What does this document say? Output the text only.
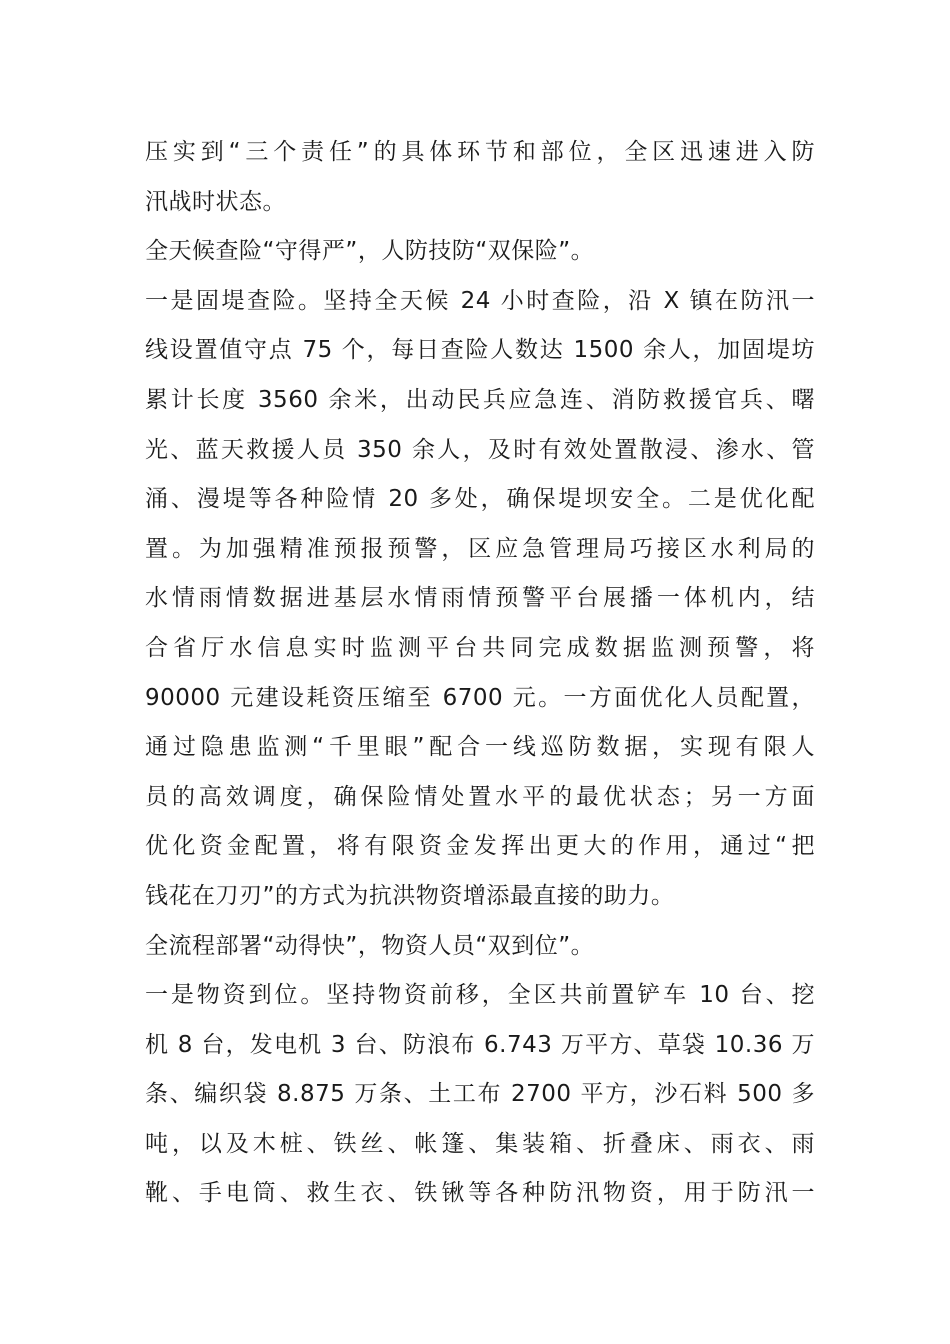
压实到“三个责任”的具体环节和部位，全区迅速进入防
汛战时状态。
全天候查险“守得严”，人防技防“双保险”。
一是固堤查险。坚持全天候 24 小时查险，沿 X 镇在防汛一
线设置值守点 75 个，每日查险人数达 1500 余人，加固堤坊
累计长度 3560 余米，出动民兵应急连、消防救援官兵、曙
光、蓝天救援人员 350 余人，及时有效处置散浸、渗水、管
涌、漫堤等各种险情 20 多处，确保堤坝安全。二是优化配
置。为加强精准预报预警，区应急管理局巧接区水利局的
水情雨情数据进基层水情雨情预警平台展播一体机内，结
合省厅水信息实时监测平台共同完成数据监测预警，将
90000 元建设耗资压缩至 6700 元。一方面优化人员配置，
通过隐患监测“千里眼”配合一线巡防数据，实现有限人
员的高效调度，确保险情处置水平的最优状态；另一方面
优化资金配置，将有限资金发挥出更大的作用，通过“把
钱花在刀刃”的方式为抗洪物资增添最直接的助力。
全流程部署“动得快”，物资人员“双到位”。
一是物资到位。坚持物资前移，全区共前置铲车 10 台、挖
机 8 台，发电机 3 台、防浪布 6.743 万平方、草袋 10.36 万
条、编织袋 8.875 万条、土工布 2700 平方，沙石料 500 多
吨，以及木桩、铁丝、帐篷、集装箱、折叠床、雨衣、雨
靴、手电筒、救生衣、铁锹等各种防汛物资，用于防汛一
